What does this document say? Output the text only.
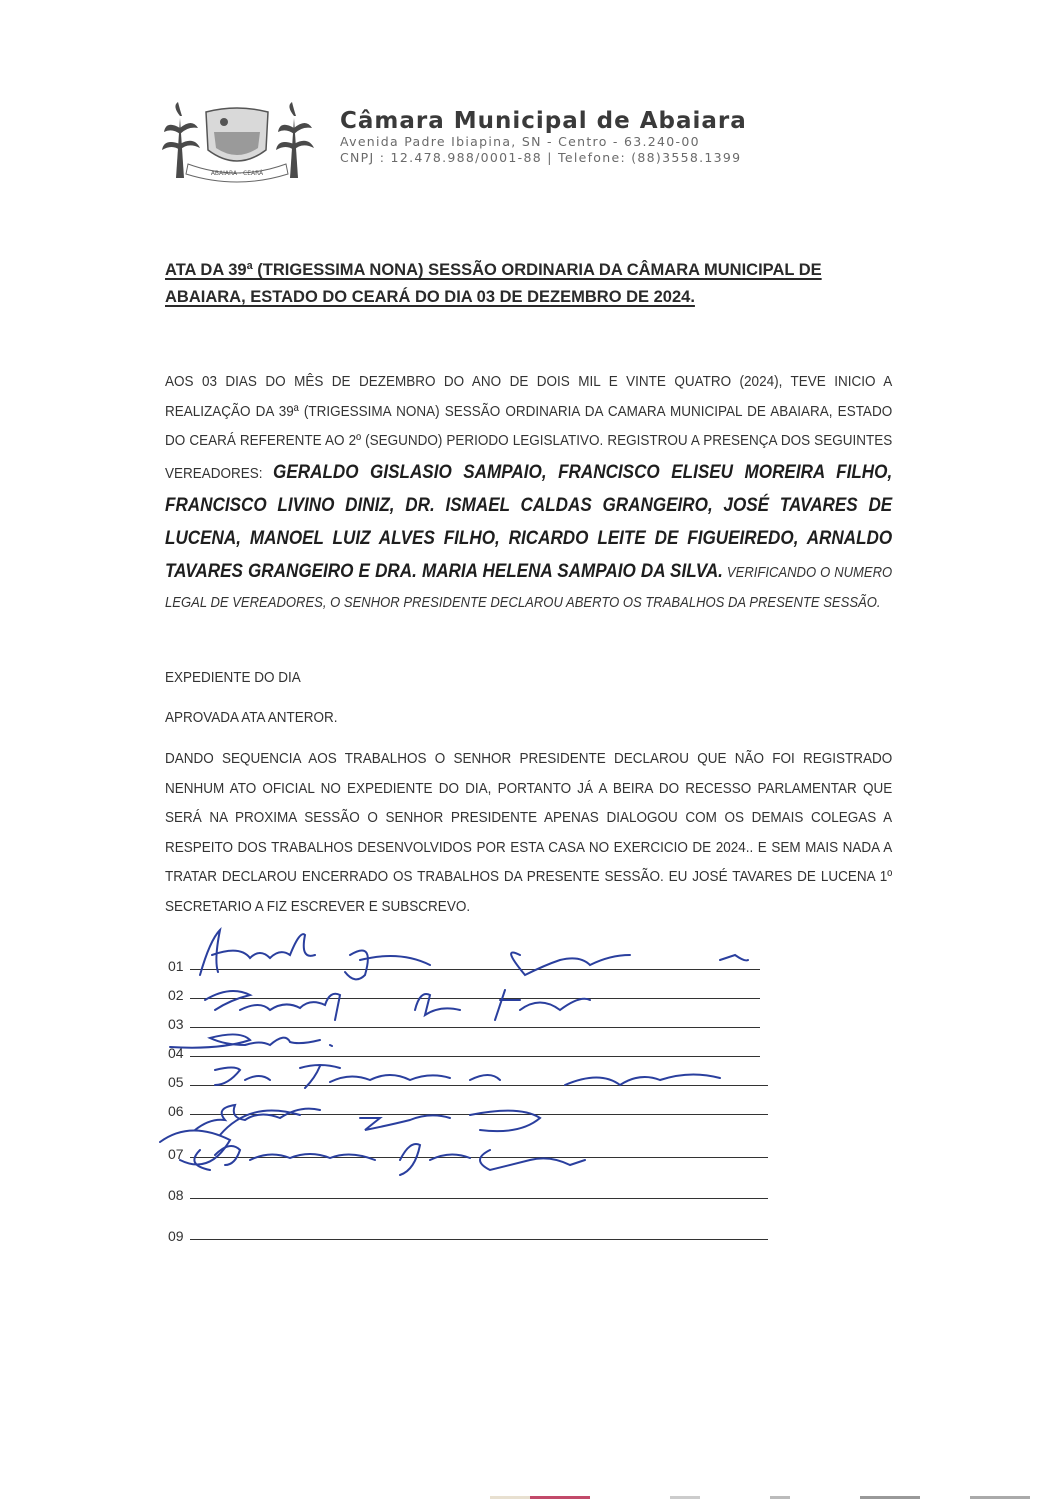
ABAIARA - CEARÁ
Câmara Municipal de Abaiara
Avenida Padre Ibiapina, SN - Centro - 63.240-00
CNPJ : 12.478.988/0001-88 | Telefone: (88)3558.1399
ATA DA 39ª (TRIGESSIMA NONA) SESSÃO ORDINARIA DA CÂMARA MUNICIPAL DE
ABAIARA, ESTADO DO CEARÁ DO DIA 03 DE DEZEMBRO DE 2024.
AOS 03 DIAS DO MÊS DE DEZEMBRO DO ANO DE DOIS MIL E VINTE QUATRO (2024), TEVE INICIO A REALIZAÇÃO DA 39ª (TRIGESSIMA NONA) SESSÃO ORDINARIA DA CAMARA MUNICIPAL DE ABAIARA, ESTADO DO CEARÁ REFERENTE AO 2º (SEGUNDO) PERIODO LEGISLATIVO. REGISTROU A PRESENÇA DOS SEGUINTES VEREADORES: GERALDO GISLASIO SAMPAIO, FRANCISCO ELISEU MOREIRA FILHO, FRANCISCO LIVINO DINIZ, DR. ISMAEL CALDAS GRANGEIRO, JOSÉ TAVARES DE LUCENA, MANOEL LUIZ ALVES FILHO, RICARDO LEITE DE FIGUEIREDO, ARNALDO TAVARES GRANGEIRO E DRA. MARIA HELENA SAMPAIO DA SILVA. VERIFICANDO O NUMERO LEGAL DE VEREADORES, O SENHOR PRESIDENTE DECLAROU ABERTO OS TRABALHOS DA PRESENTE SESSÃO.
EXPEDIENTE DO DIA
APROVADA ATA ANTEROR.
DANDO SEQUENCIA AOS TRABALHOS O SENHOR PRESIDENTE DECLAROU QUE NÃO FOI REGISTRADO NENHUM ATO OFICIAL NO EXPEDIENTE DO DIA, PORTANTO JÁ A BEIRA DO RECESSO PARLAMENTAR QUE SERÁ NA PROXIMA SESSÃO O SENHOR PRESIDENTE APENAS DIALOGOU COM OS DEMAIS COLEGAS A RESPEITO DOS TRABALHOS DESENVOLVIDOS POR ESTA CASA NO EXERCICIO DE 2024.. E SEM MAIS NADA A TRATAR DECLAROU ENCERRADO OS TRABALHOS DA PRESENTE SESSÃO. EU JOSÉ TAVARES DE LUCENA 1º SECRETARIO A FIZ ESCREVER E SUBSCREVO.
01
02
03
04
05
06
07
08
09
